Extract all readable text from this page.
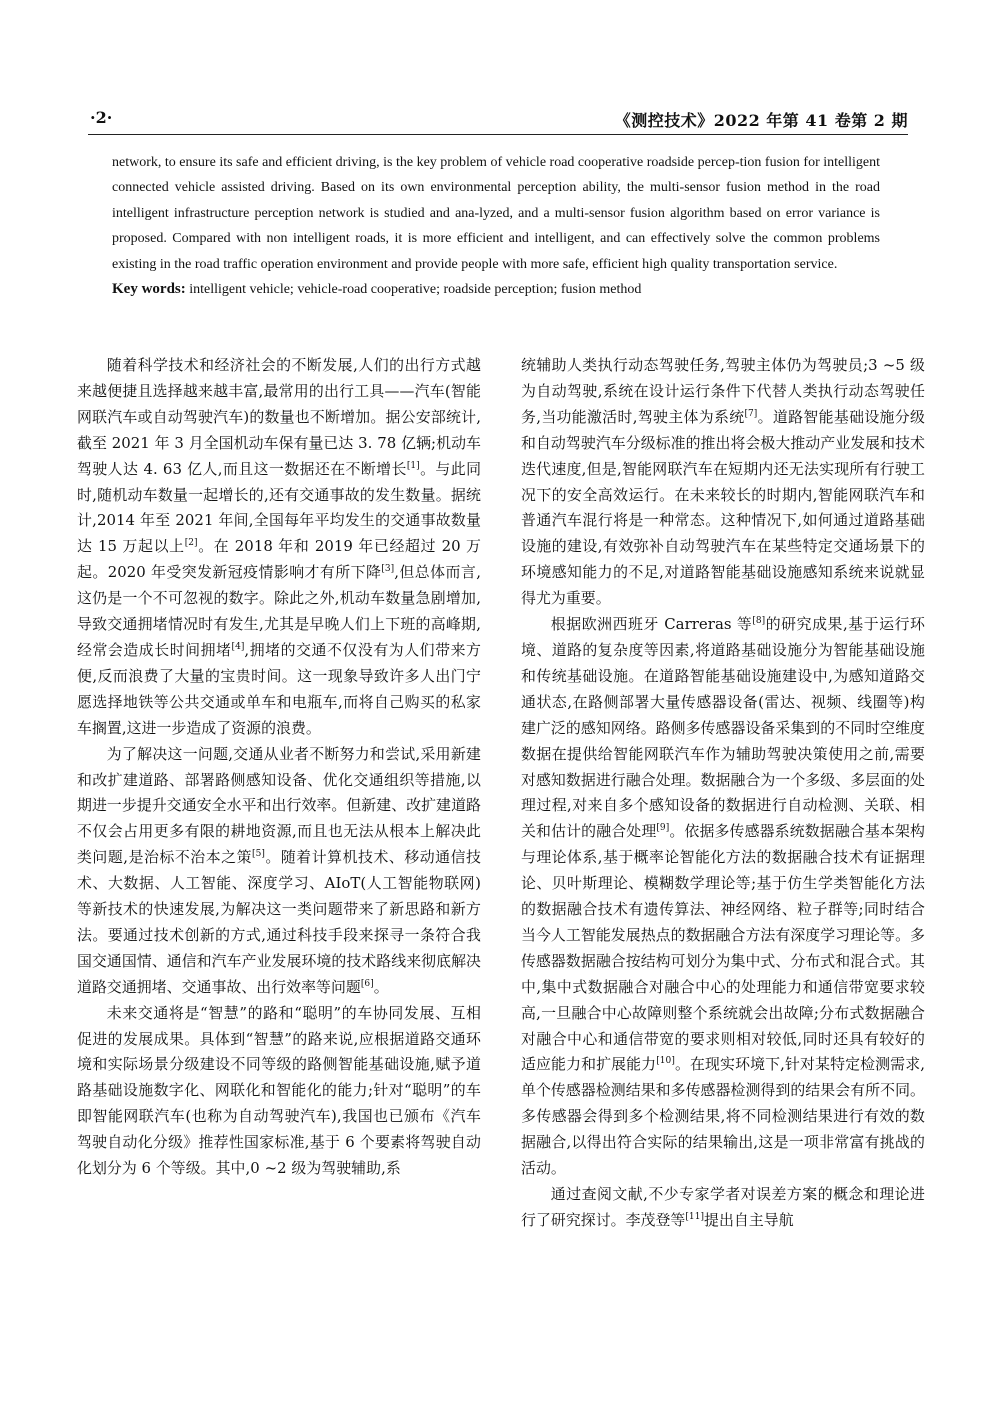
·2·	《测控技术》2022 年第 41 卷第 2 期

network, to ensure its safe and efficient driving, is the key problem of vehicle road cooperative roadside percep-tion fusion for intelligent connected vehicle assisted driving. Based on its own environmental perception ability, the multi-sensor fusion method in the road intelligent infrastructure perception network is studied and ana-lyzed, and a multi-sensor fusion algorithm based on error variance is proposed. Compared with non intelligent roads, it is more efficient and intelligent, and can effectively solve the common problems existing in the road traffic operation environment and provide people with more safe, efficient high quality transportation service.

Key words: intelligent vehicle; vehicle-road cooperative; roadside perception; fusion method

随着科学技术和经济社会的不断发展,人们的出行方式越来越便捷且选择越来越丰富,最常用的出行工具——汽车(智能网联汽车或自动驾驶汽车)的数量也不断增加。据公安部统计,截至 2021 年 3 月全国机动车保有量已达 3. 78 亿辆;机动车驾驶人达 4. 63 亿人,而且这一数据还在不断增长[1]。与此同时,随机动车数量一起增长的,还有交通事故的发生数量。据统计,2014 年至 2021 年间,全国每年平均发生的交通事故数量达 15 万起以上[2]。在 2018 年和 2019 年已经超过 20 万起。2020 年受突发新冠疫情影响才有所下降[3],但总体而言,这仍是一个不可忽视的数字。除此之外,机动车数量急剧增加,导致交通拥堵情况时有发生,尤其是早晚人们上下班的高峰期,经常会造成长时间拥堵[4],拥堵的交通不仅没有为人们带来方便,反而浪费了大量的宝贵时间。这一现象导致许多人出门宁愿选择地铁等公共交通或单车和电瓶车,而将自己购买的私家车搁置,这进一步造成了资源的浪费。

为了解决这一问题,交通从业者不断努力和尝试,采用新建和改扩建道路、部署路侧感知设备、优化交通组织等措施,以期进一步提升交通安全水平和出行效率。但新建、改扩建道路不仅会占用更多有限的耕地资源,而且也无法从根本上解决此类问题,是治标不治本之策[5]。随着计算机技术、移动通信技术、大数据、人工智能、深度学习、AIoT(人工智能物联网)等新技术的快速发展,为解决这一类问题带来了新思路和新方法。要通过技术创新的方式,通过科技手段来探寻一条符合我国交通国情、通信和汽车产业发展环境的技术路线来彻底解决道路交通拥堵、交通事故、出行效率等问题[6]。

未来交通将是“智慧”的路和“聪明”的车协同发展、互相促进的发展成果。具体到“智慧”的路来说,应根据道路交通环境和实际场景分级建设不同等级的路侧智能基础设施,赋予道路基础设施数字化、网联化和智能化的能力;针对“聪明”的车即智能网联汽车(也称为自动驾驶汽车),我国也已颁布《汽车驾驶自动化分级》推荐性国家标准,基于 6 个要素将驾驶自动化划分为 6 个等级。其中,0 ~2 级为驾驶辅助,系

统辅助人类执行动态驾驶任务,驾驶主体仍为驾驶员;3 ~5 级为自动驾驶,系统在设计运行条件下代替人类执行动态驾驶任务,当功能激活时,驾驶主体为系统[7]。道路智能基础设施分级和自动驾驶汽车分级标准的推出将会极大推动产业发展和技术迭代速度,但是,智能网联汽车在短期内还无法实现所有行驶工况下的安全高效运行。在未来较长的时期内,智能网联汽车和普通汽车混行将是一种常态。这种情况下,如何通过道路基础设施的建设,有效弥补自动驾驶汽车在某些特定交通场景下的环境感知能力的不足,对道路智能基础设施感知系统来说就显得尤为重要。

根据欧洲西班牙 Carreras 等[8]的研究成果,基于运行环境、道路的复杂度等因素,将道路基础设施分为智能基础设施和传统基础设施。在道路智能基础设施建设中,为感知道路交通状态,在路侧部署大量传感器设备(雷达、视频、线圈等)构建广泛的感知网络。路侧多传感器设备采集到的不同时空维度数据在提供给智能网联汽车作为辅助驾驶决策使用之前,需要对感知数据进行融合处理。数据融合为一个多级、多层面的处理过程,对来自多个感知设备的数据进行自动检测、关联、相关和估计的融合处理[9]。依据多传感器系统数据融合基本架构与理论体系,基于概率论智能化方法的数据融合技术有证据理论、贝叶斯理论、模糊数学理论等;基于仿生学类智能化方法的数据融合技术有遗传算法、神经网络、粒子群等;同时结合当今人工智能发展热点的数据融合方法有深度学习理论等。多传感器数据融合按结构可划分为集中式、分布式和混合式。其中,集中式数据融合对融合中心的处理能力和通信带宽要求较高,一旦融合中心故障则整个系统就会出故障;分布式数据融合对融合中心和通信带宽的要求则相对较低,同时还具有较好的适应能力和扩展能力[10]。在现实环境下,针对某特定检测需求,单个传感器检测结果和多传感器检测得到的结果会有所不同。多传感器会得到多个检测结果,将不同检测结果进行有效的数据融合,以得出符合实际的结果输出,这是一项非常富有挑战的活动。

通过查阅文献,不少专家学者对误差方案的概念和理论进行了研究探讨。李茂登等[11]提出自主导航
